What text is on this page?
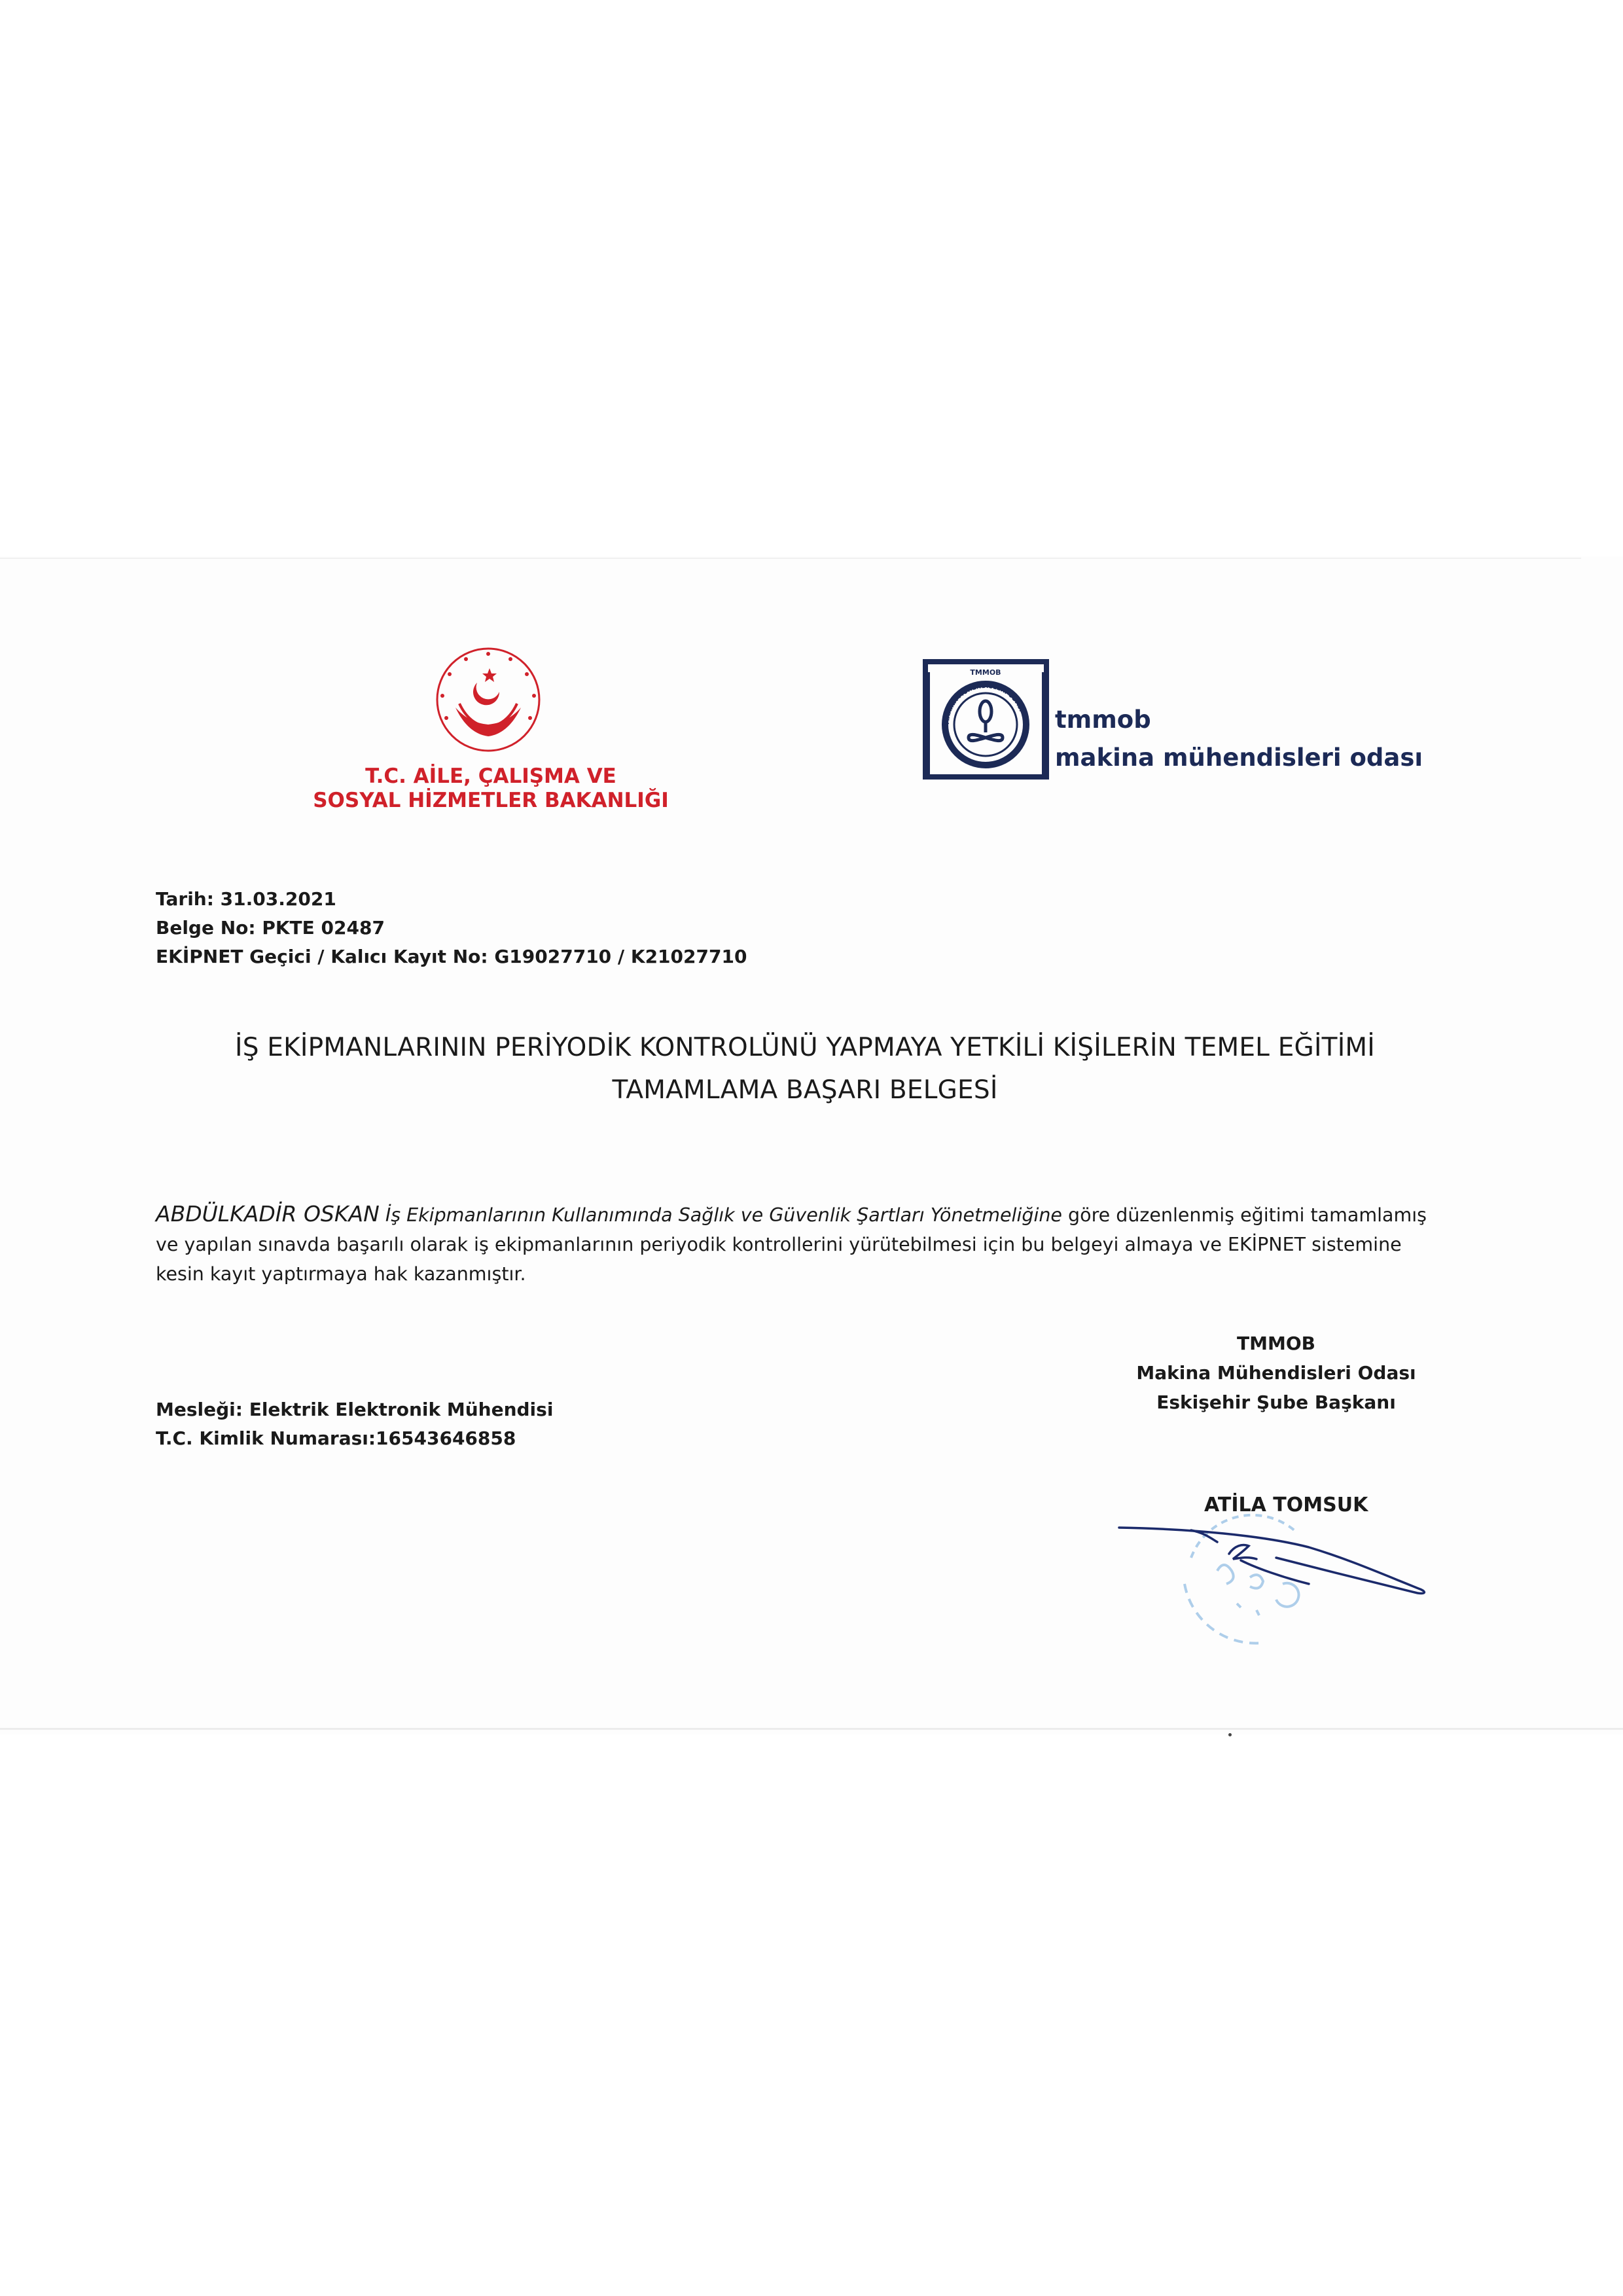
T.C. AİLE, ÇALIŞMA VE
SOSYAL HİZMETLER BAKANLIĞI
TMMOB
MAKİNA MÜHENDİSLERİ ODASI tmmob
makina mühendisleri odası
Tarih: 31.03.2021
Belge No: PKTE 02487
EKİPNET Geçici / Kalıcı Kayıt No: G19027710 / K21027710
İŞ EKİPMANLARININ PERİYODİK KONTROLÜNÜ YAPMAYA YETKİLİ KİŞİLERİN TEMEL EĞİTİMİ
TAMAMLAMA BAŞARI BELGESİ
ABDÜLKADİR OSKAN İş Ekipmanlarının Kullanımında Sağlık ve Güvenlik Şartları Yönetmeliğine göre düzenlenmiş eğitimi tamamlamış
ve yapılan sınavda başarılı olarak iş ekipmanlarının periyodik kontrollerini yürütebilmesi için bu belgeyi almaya ve EKİPNET sistemine
kesin kayıt yaptırmaya hak kazanmıştır.
Mesleği: Elektrik Elektronik Mühendisi
T.C. Kimlik Numarası:16543646858
TMMOB
Makina Mühendisleri Odası
Eskişehir Şube Başkanı
ATİLA TOMSUK
